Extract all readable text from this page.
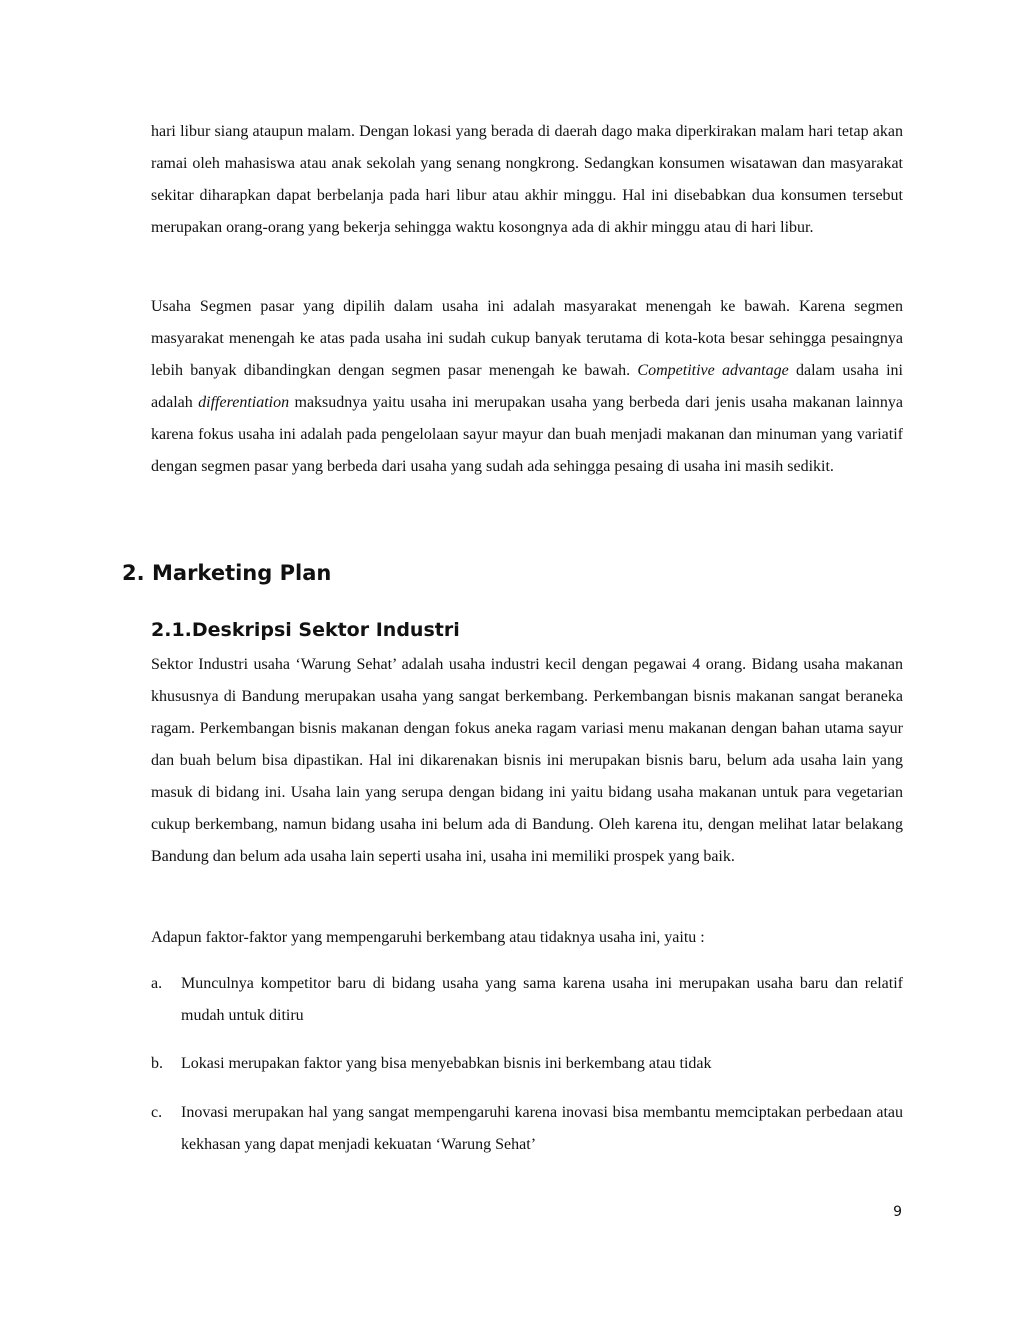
hari libur siang ataupun malam. Dengan lokasi yang berada di daerah dago maka diperkirakan malam hari tetap akan ramai oleh mahasiswa atau anak sekolah yang senang nongkrong. Sedangkan konsumen wisatawan dan masyarakat sekitar diharapkan dapat berbelanja pada hari libur atau akhir minggu. Hal ini disebabkan dua konsumen tersebut merupakan orang-orang yang bekerja sehingga waktu kosongnya ada di akhir minggu atau di hari libur.

Usaha Segmen pasar yang dipilih dalam usaha ini adalah masyarakat menengah ke bawah. Karena segmen masyarakat menengah ke atas pada usaha ini sudah cukup banyak terutama di kota-kota besar sehingga pesaingnya lebih banyak dibandingkan dengan segmen pasar menengah ke bawah. Competitive advantage dalam usaha ini adalah differentiation maksudnya yaitu usaha ini merupakan usaha yang berbeda dari jenis usaha makanan lainnya karena fokus usaha ini adalah pada pengelolaan sayur mayur dan buah menjadi makanan dan minuman yang variatif dengan segmen pasar yang berbeda dari usaha yang sudah ada sehingga pesaing di usaha ini masih sedikit.

2. Marketing Plan
2.1.Deskripsi Sektor Industri

Sektor Industri usaha ‘Warung Sehat’ adalah usaha industri kecil dengan pegawai 4 orang. Bidang usaha makanan khususnya di Bandung merupakan usaha yang sangat berkembang. Perkembangan bisnis makanan sangat beraneka ragam. Perkembangan bisnis makanan dengan fokus aneka ragam variasi menu makanan dengan bahan utama sayur dan buah belum bisa dipastikan. Hal ini dikarenakan bisnis ini merupakan bisnis baru, belum ada usaha lain yang masuk di bidang ini. Usaha lain yang serupa dengan bidang ini yaitu bidang usaha makanan untuk para vegetarian cukup berkembang, namun bidang usaha ini belum ada di Bandung. Oleh karena itu, dengan melihat latar belakang Bandung dan belum ada usaha lain seperti usaha ini, usaha ini memiliki prospek yang baik.

Adapun faktor-faktor yang mempengaruhi berkembang atau tidaknya usaha ini, yaitu :

a. Munculnya kompetitor baru di bidang usaha yang sama karena usaha ini merupakan usaha baru dan relatif mudah untuk ditiru
b. Lokasi merupakan faktor yang bisa menyebabkan bisnis ini berkembang atau tidak
c. Inovasi merupakan hal yang sangat mempengaruhi karena inovasi bisa membantu memciptakan perbedaan atau kekhasan yang dapat menjadi kekuatan ‘Warung Sehat’
9
